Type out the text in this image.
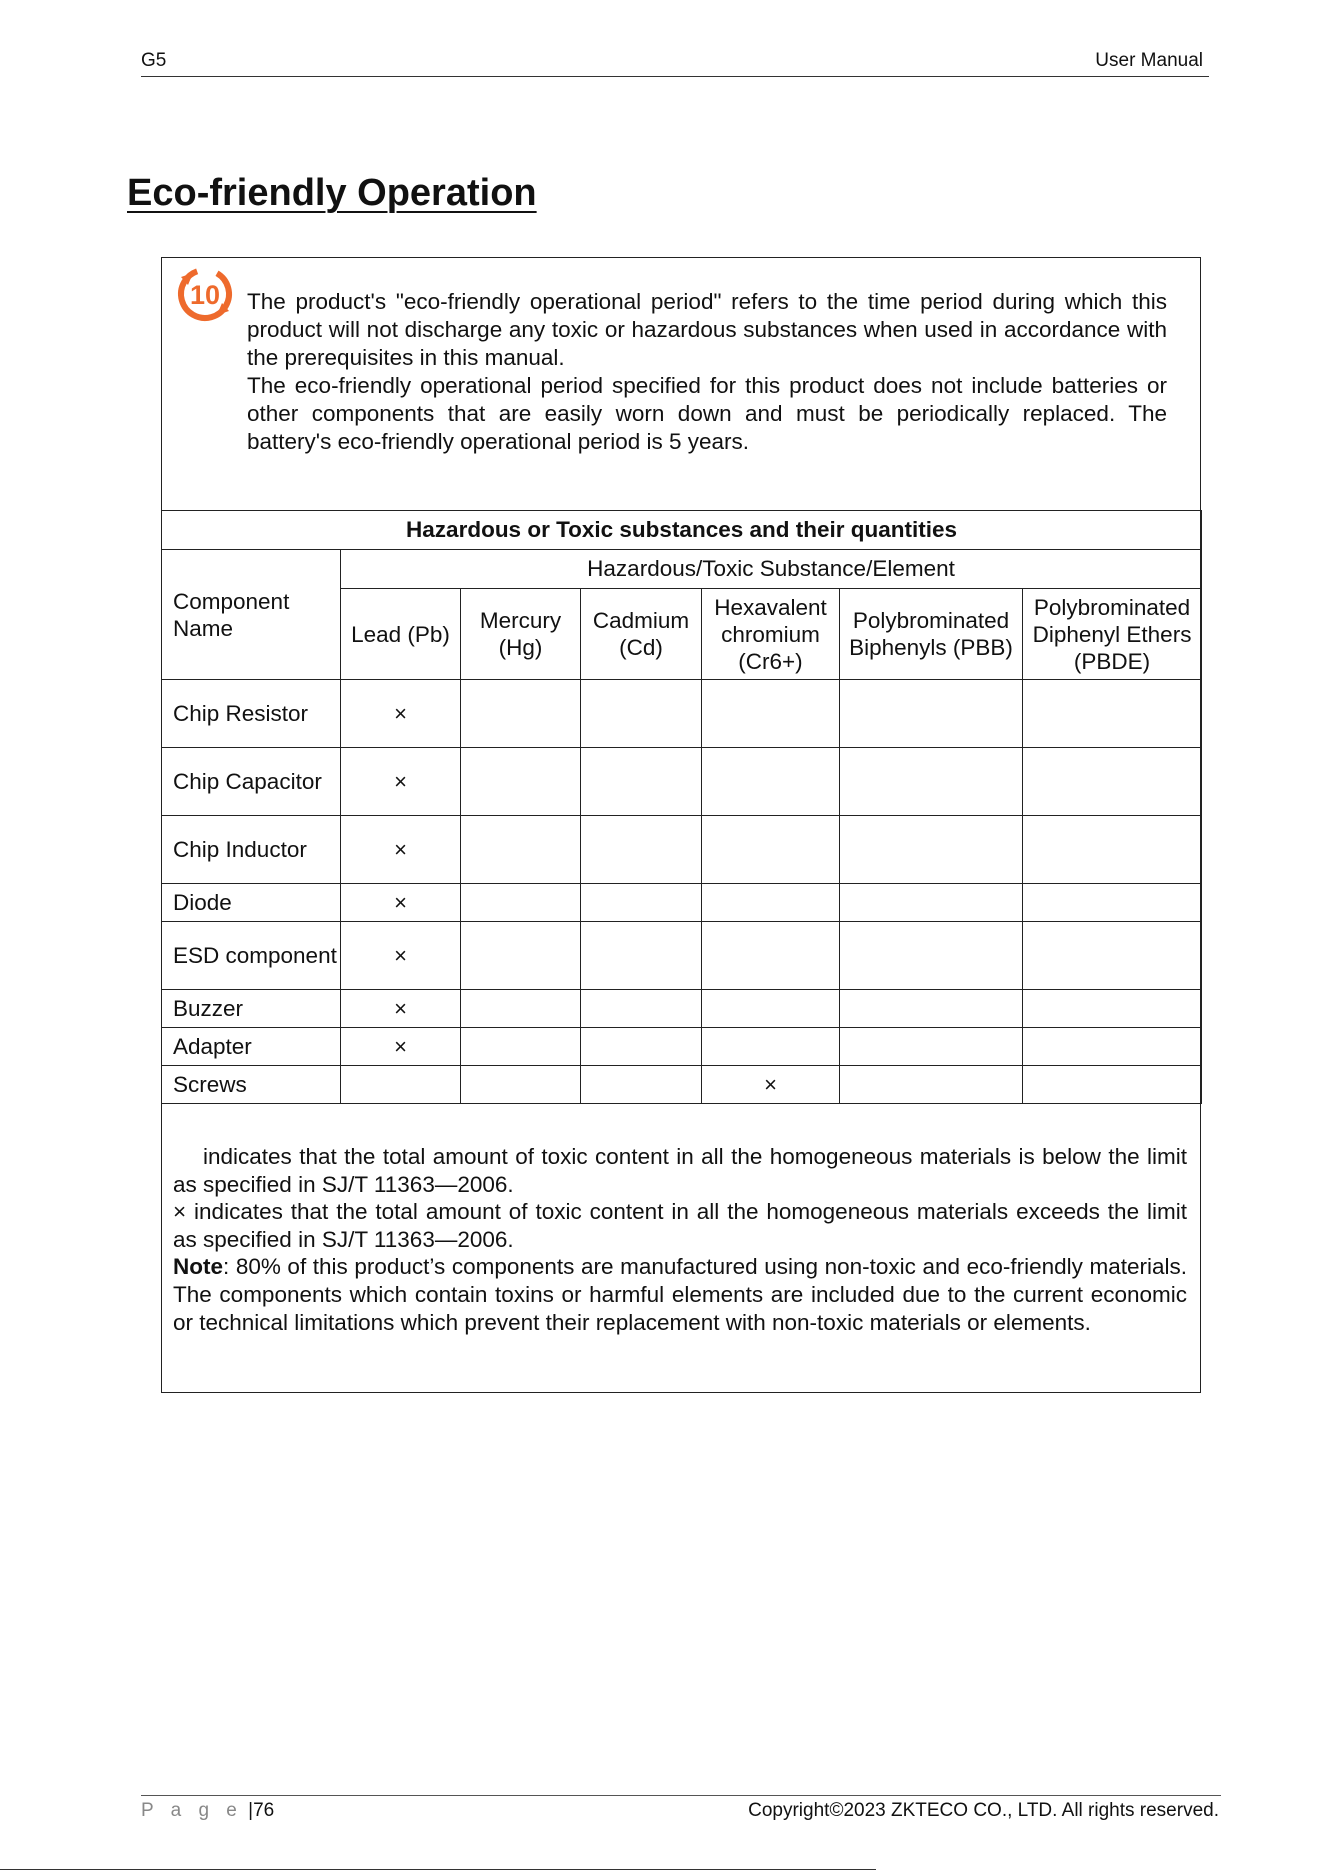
G5	User Manual
Eco-friendly Operation
10 The product's "eco-friendly operational period" refers to the time period during which this product will not discharge any toxic or hazardous substances when used in accordance with the prerequisites in this manual.

The eco-friendly operational period specified for this product does not include batteries or other components that are easily worn down and must be periodically replaced. The battery's eco-friendly operational period is 5 years.

Hazardous or Toxic substances and their quantities						
Component Name	Hazardous/Toxic Substance/Element					
	Lead (Pb)	Mercury (Hg)	Cadmium (Cd)	Hexavalent chromium (Cr6+)	Polybrominated Biphenyls (PBB)	Polybrominated Diphenyl Ethers (PBDE)
Chip Resistor	×					
Chip Capacitor	×					
Chip Inductor	×					
Diode	×					
ESD component	×					
Buzzer	×					
Adapter	×					
Screws				×		

indicates that the total amount of toxic content in all the homogeneous materials is below the limit as specified in SJ/T 11363—2006.

× indicates that the total amount of toxic content in all the homogeneous materials exceeds the limit as specified in SJ/T 11363—2006.

Note: 80% of this product’s components are manufactured using non-toxic and eco-friendly materials. The components which contain toxins or harmful elements are included due to the current economic or technical limitations which prevent their replacement with non-toxic materials or elements.

P a g e |76	Copyright©2023 ZKTECO CO., LTD. All rights reserved.
